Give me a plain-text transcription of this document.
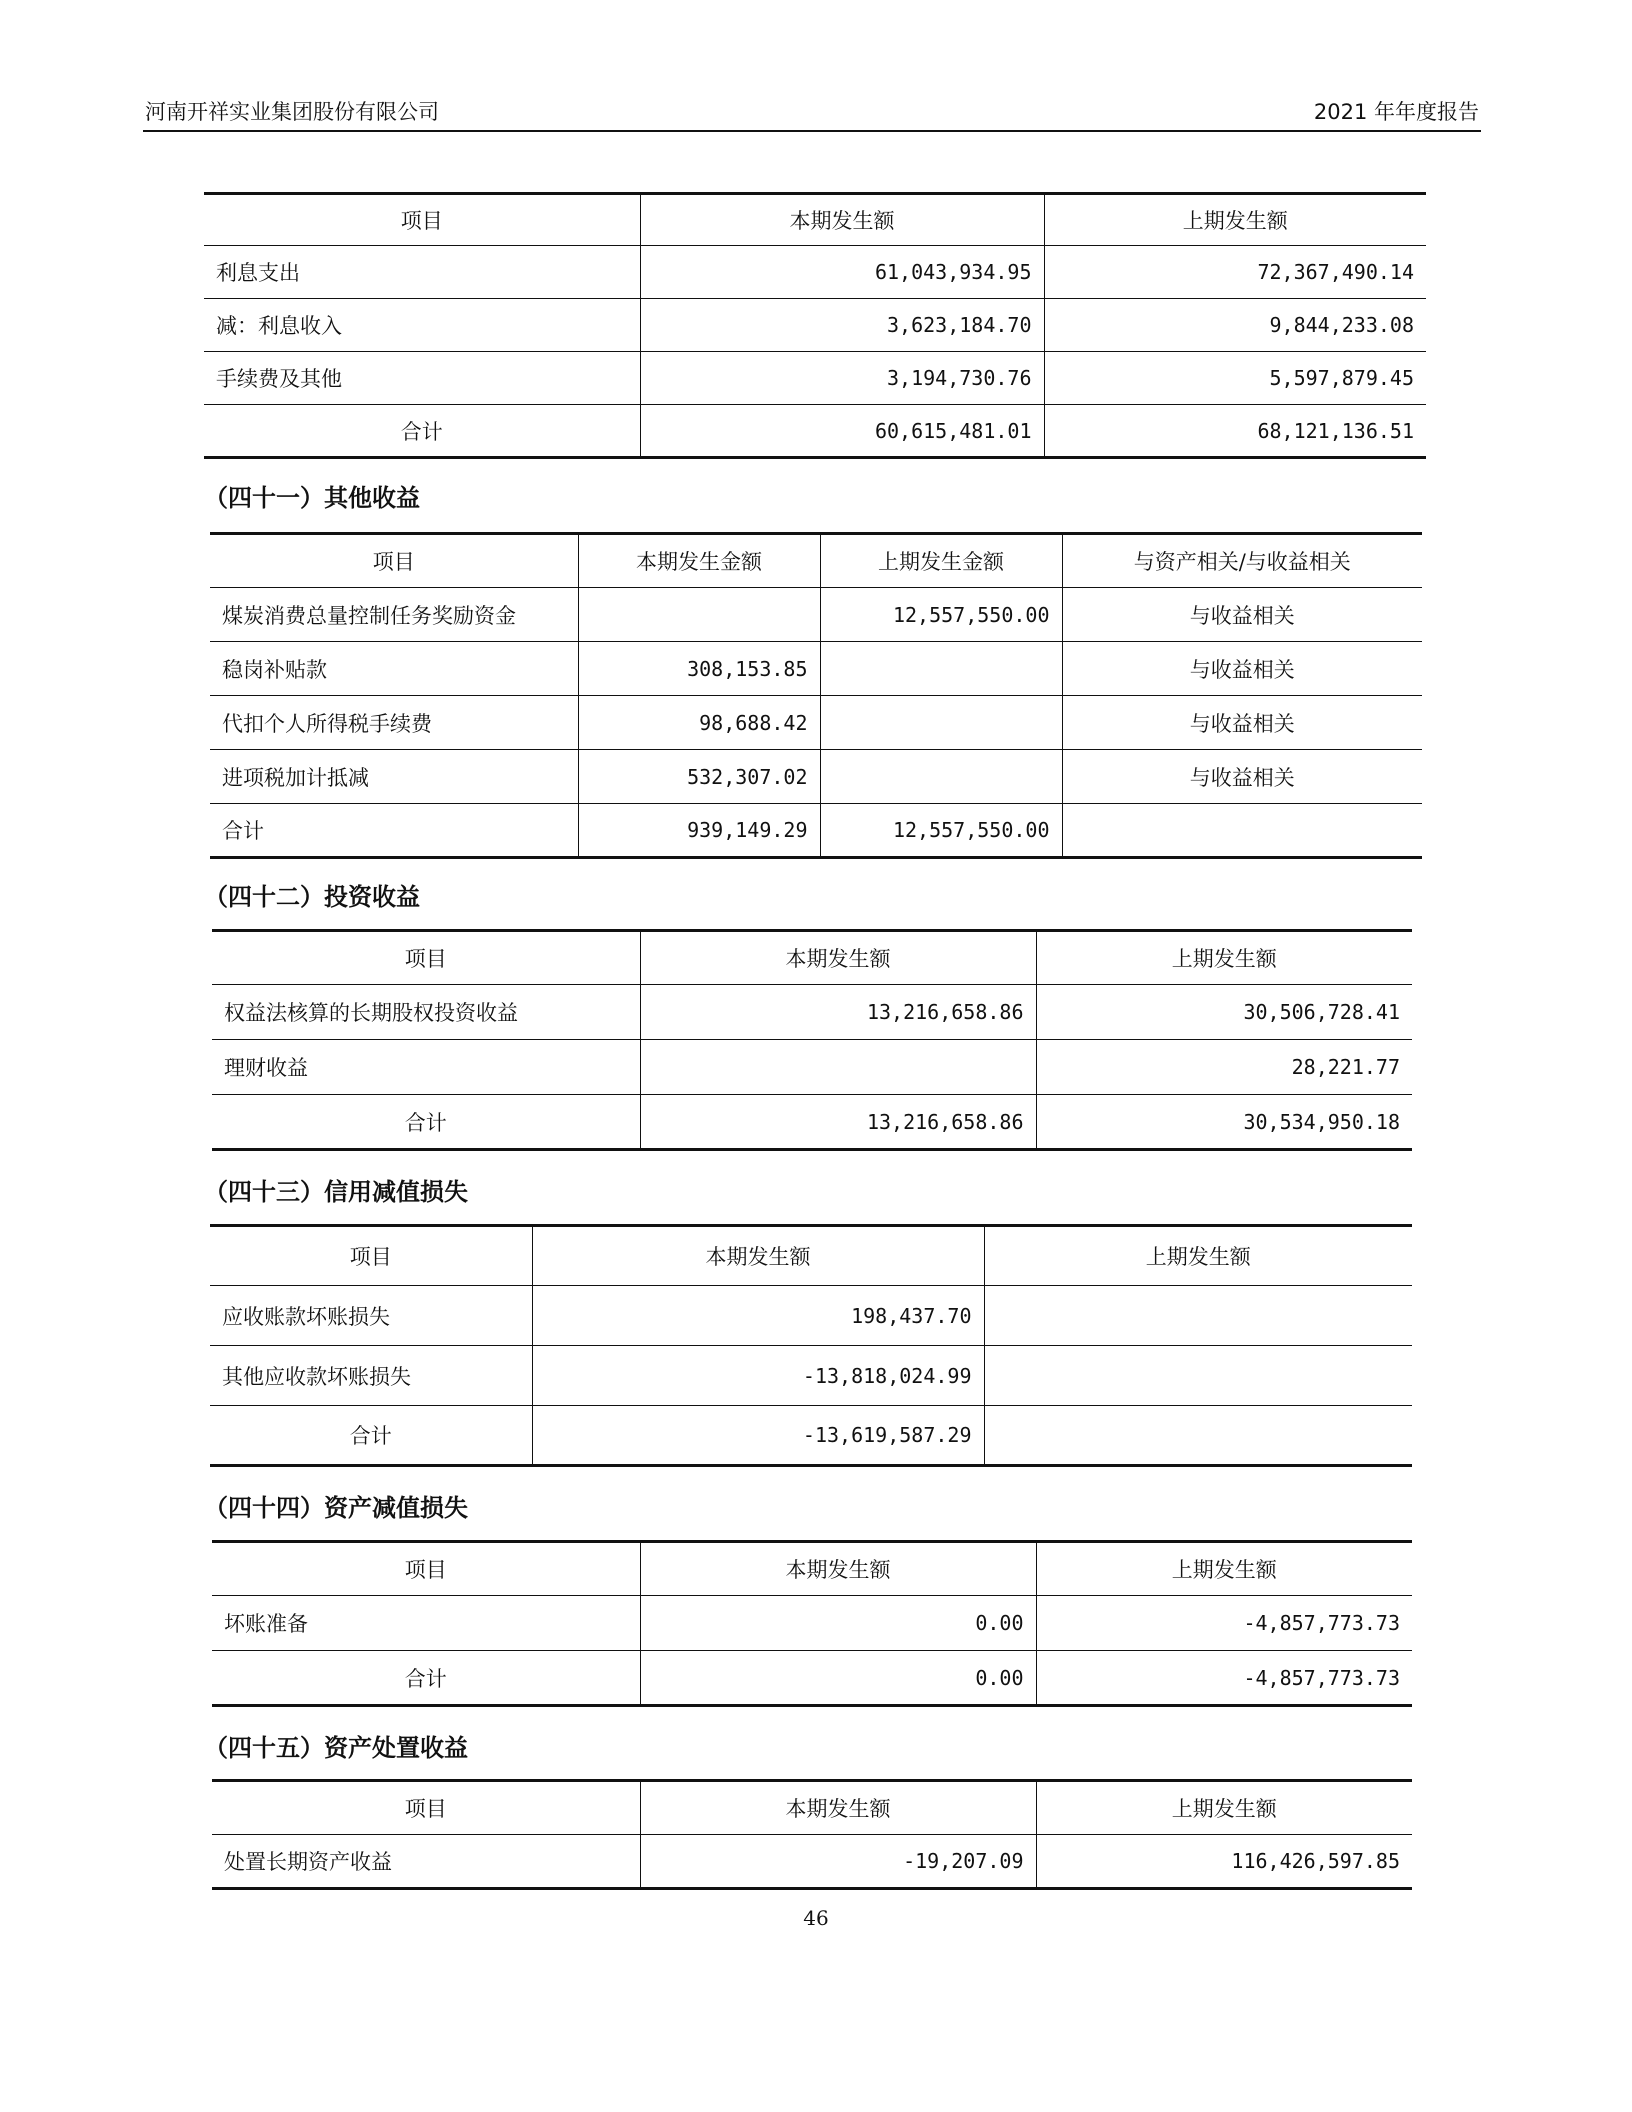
河南开祥实业集团股份有限公司	2021 年年度报告
项目	本期发生额	上期发生额
利息支出	61,043,934.95	72,367,490.14
减：利息收入	3,623,184.70	9,844,233.08
手续费及其他	3,194,730.76	5,597,879.45
合计	60,615,481.01	68,121,136.51
（四十一）其他收益
项目	本期发生金额	上期发生金额	与资产相关/与收益相关
煤炭消费总量控制任务奖励资金		12,557,550.00	与收益相关
稳岗补贴款	308,153.85		与收益相关
代扣个人所得税手续费	98,688.42		与收益相关
进项税加计抵减	532,307.02		与收益相关
合计	939,149.29	12,557,550.00	
（四十二）投资收益
项目	本期发生额	上期发生额
权益法核算的长期股权投资收益	13,216,658.86	30,506,728.41
理财收益		28,221.77
合计	13,216,658.86	30,534,950.18
（四十三）信用减值损失
项目	本期发生额	上期发生额
应收账款坏账损失	198,437.70	
其他应收款坏账损失	-13,818,024.99	
合计	-13,619,587.29	
（四十四）资产减值损失
项目	本期发生额	上期发生额
坏账准备	0.00	-4,857,773.73
合计	0.00	-4,857,773.73
（四十五）资产处置收益
项目	本期发生额	上期发生额
处置长期资产收益	-19,207.09	116,426,597.85
46
